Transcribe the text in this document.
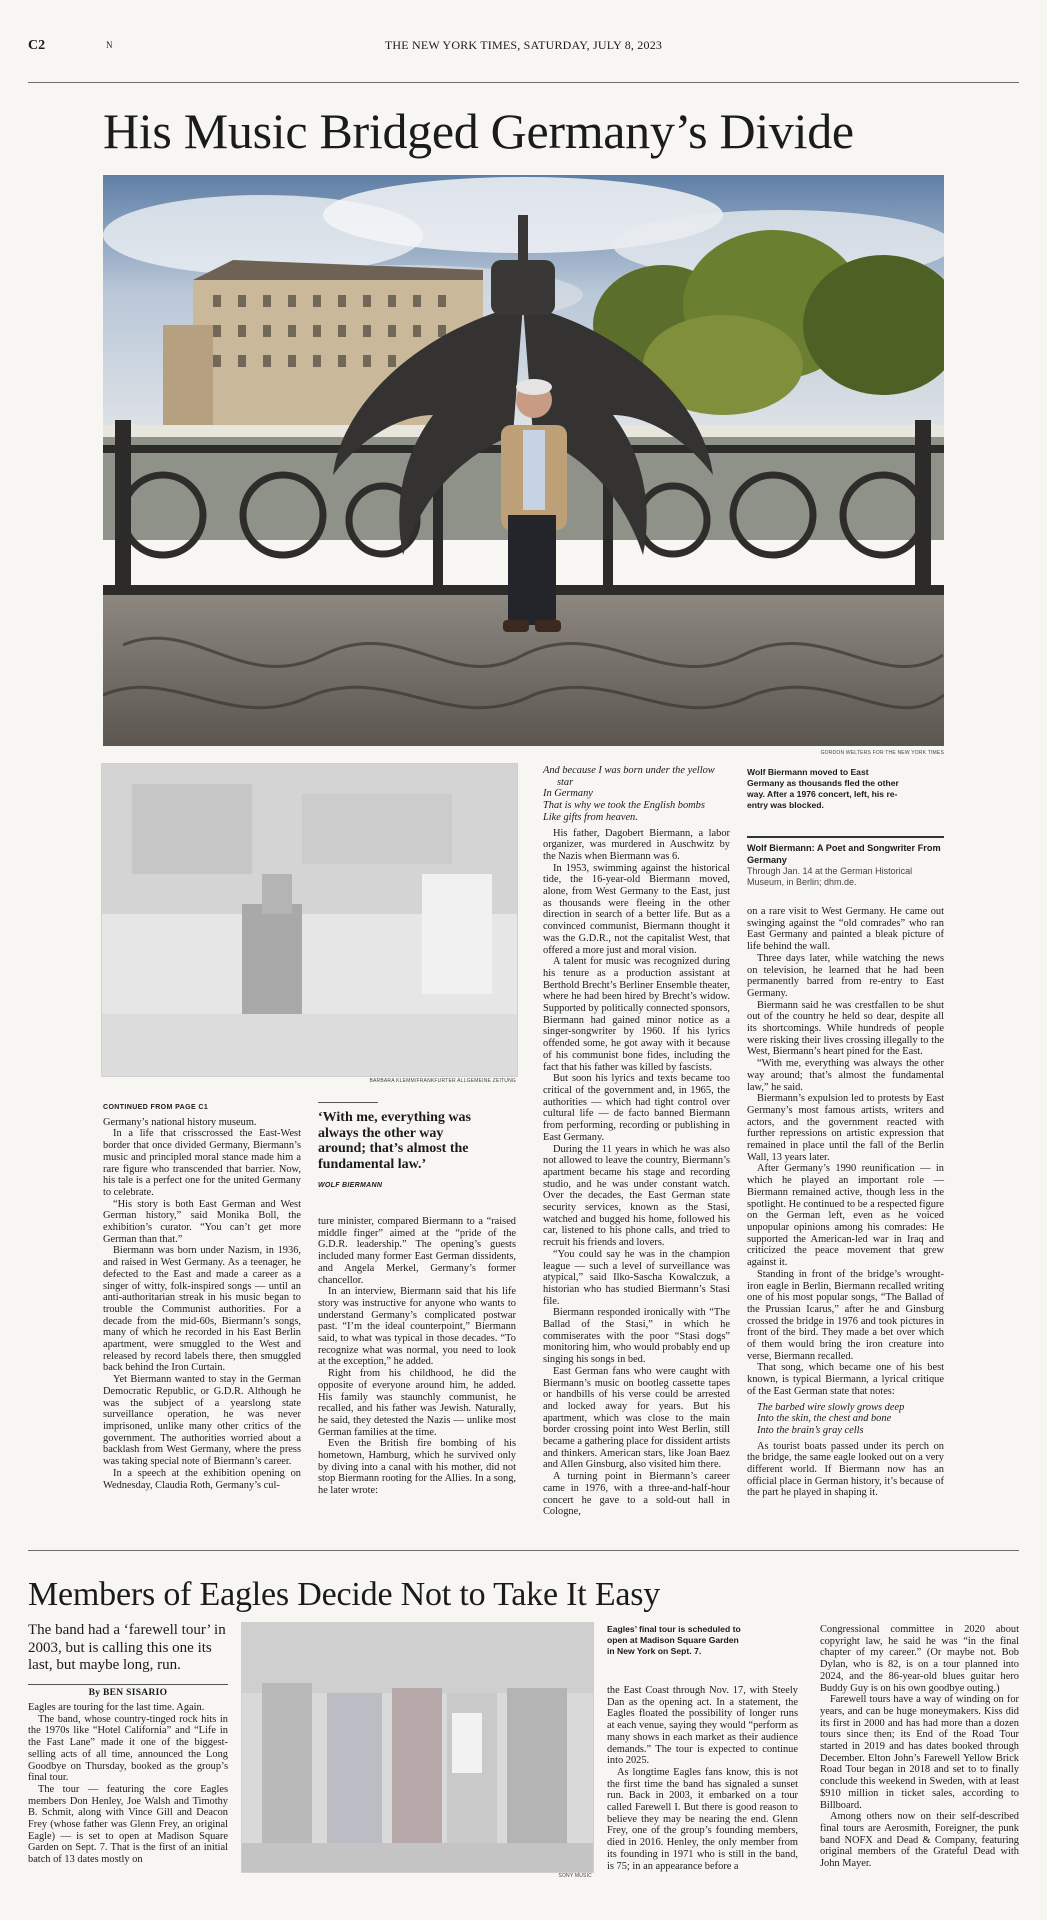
C2	N	THE NEW YORK TIMES, SATURDAY, JULY 8, 2023
His Music Bridged Germany’s Divide
GORDON WELTERS FOR THE NEW YORK TIMES
BARBARA KLEMM/FRANKFURTER ALLGEMEINE ZEITUNG
CONTINUED FROM PAGE C1

Germany’s national history museum.

In a life that crisscrossed the East-West border that once divided Germany, Biermann’s music and principled moral stance made him a rare figure who transcended that barrier. Now, his tale is a perfect one for the united Germany to celebrate.

“His story is both East German and West German history,” said Monika Boll, the exhibition’s curator. “You can’t get more German than that.”

Biermann was born under Nazism, in 1936, and raised in West Germany. As a teenager, he defected to the East and made a career as a singer of witty, folk-inspired songs — until an anti-authoritarian streak in his music began to trouble the Communist authorities. For a decade from the mid-60s, Biermann’s songs, many of which he recorded in his East Berlin apartment, were smuggled to the West and released by record labels there, then smuggled back behind the Iron Curtain.

Yet Biermann wanted to stay in the German Democratic Republic, or G.D.R. Although he was the subject of a yearslong state surveillance operation, he was never imprisoned, unlike many other critics of the government. The authorities worried about a backlash from West Germany, where the press was taking special note of Biermann’s career.

In a speech at the exhibition opening on Wednesday, Claudia Roth, Germany’s cul-

‘With me, everything was always the other way around; that’s almost the fundamental law.’
WOLF BIERMANN

ture minister, compared Biermann to a “raised middle finger” aimed at the “pride of the G.D.R. leadership.” The opening’s guests included many former East German dissidents, and Angela Merkel, Germany’s former chancellor.

In an interview, Biermann said that his life story was instructive for anyone who wants to understand Germany’s complicated postwar past. “I’m the ideal counterpoint,” Biermann said, to what was typical in those decades. “To recognize what was normal, you need to look at the exception,” he added.

Right from his childhood, he did the opposite of everyone around him, he added. His family was staunchly communist, he recalled, and his father was Jewish. Naturally, he said, they detested the Nazis — unlike most German families at the time.

Even the British fire bombing of his hometown, Hamburg, which he survived only by diving into a canal with his mother, did not stop Biermann rooting for the Allies. In a song, he later wrote:

And because I was born under the yellow
star
In Germany
That is why we took the English bombs
Like gifts from heaven.

His father, Dagobert Biermann, a labor organizer, was murdered in Auschwitz by the Nazis when Biermann was 6.

In 1953, swimming against the historical tide, the 16-year-old Biermann moved, alone, from West Germany to the East, just as thousands were fleeing in the other direction in search of a better life. But as a convinced communist, Biermann thought it was the G.D.R., not the capitalist West, that offered a more just and moral vision.

A talent for music was recognized during his tenure as a production assistant at Berthold Brecht’s Berliner Ensemble theater, where he had been hired by Brecht’s widow. Supported by politically connected sponsors, Biermann had gained minor notice as a singer-songwriter by 1960. If his lyrics offended some, he got away with it because of his communist bone fides, including the fact that his father was killed by fascists.

But soon his lyrics and texts became too critical of the government and, in 1965, the authorities — which had tight control over cultural life — de facto banned Biermann from performing, recording or publishing in East Germany.

During the 11 years in which he was also not allowed to leave the country, Biermann’s apartment became his stage and recording studio, and he was under constant watch. Over the decades, the East German state security services, known as the Stasi, watched and bugged his home, followed his car, listened to his phone calls, and tried to recruit his friends and lovers.

“You could say he was in the champion league — such a level of surveillance was atypical,” said Ilko-Sascha Kowalczuk, a historian who has studied Biermann’s Stasi file.

Biermann responded ironically with “The Ballad of the Stasi,” in which he commiserates with the poor “Stasi dogs” monitoring him, who would probably end up singing his songs in bed.

East German fans who were caught with Biermann’s music on bootleg cassette tapes or handbills of his verse could be arrested and locked away for years. But his apartment, which was close to the main border crossing point into West Berlin, still became a gathering place for dissident artists and thinkers. American stars, like Joan Baez and Allen Ginsburg, also visited him there.

A turning point in Biermann’s career came in 1976, with a three-and-half-hour concert he gave to a sold-out hall in Cologne,

Wolf Biermann moved to East Germany as thousands fled the other way. After a 1976 concert, left, his re-entry was blocked.
Wolf Biermann: A Poet and Songwriter From Germany
Through Jan. 14 at the German Historical Museum, in Berlin; dhm.de.

on a rare visit to West Germany. He came out swinging against the “old comrades” who ran East Germany and painted a bleak picture of life behind the wall.

Three days later, while watching the news on television, he learned that he had been permanently barred from re-entry to East Germany.

Biermann said he was crestfallen to be shut out of the country he held so dear, despite all its shortcomings. While hundreds of people were risking their lives crossing illegally to the West, Biermann’s heart pined for the East.

“With me, everything was always the other way around; that’s almost the fundamental law,” he said.

Biermann’s expulsion led to protests by East Germany’s most famous artists, writers and actors, and the government reacted with further repressions on artistic expression that remained in place until the fall of the Berlin Wall, 13 years later.

After Germany’s 1990 reunification — in which he played an important role — Biermann remained active, though less in the spotlight. He continued to be a respected figure on the German left, even as he voiced unpopular opinions among his comrades: He supported the American-led war in Iraq and criticized the peace movement that grew against it.

Standing in front of the bridge’s wrought-iron eagle in Berlin, Biermann recalled writing one of his most popular songs, “The Ballad of the Prussian Icarus,” after he and Ginsburg crossed the bridge in 1976 and took pictures in front of the bird. They made a bet over which of them would bring the iron creature into verse, Biermann recalled.

That song, which became one of his best known, is typical Biermann, a lyrical critique of the East German state that notes:

The barbed wire slowly grows deep
Into the skin, the chest and bone
Into the brain’s gray cells

As tourist boats passed under its perch on the bridge, the same eagle looked out on a very different world. If Biermann now has an official place in German history, it’s because of the part he played in shaping it.

Members of Eagles Decide Not to Take It Easy
The band had a ‘farewell tour’ in 2003, but is calling this one its last, but maybe long, run.
By BEN SISARIO

Eagles are touring for the last time. Again.

The band, whose country-tinged rock hits in the 1970s like “Hotel California” and “Life in the Fast Lane” made it one of the biggest-selling acts of all time, announced the Long Goodbye on Thursday, booked as the group’s final tour.

The tour — featuring the core Eagles members Don Henley, Joe Walsh and Timothy B. Schmit, along with Vince Gill and Deacon Frey (whose father was Glenn Frey, an original Eagle) — is set to open at Madison Square Garden on Sept. 7. That is the first of an initial batch of 13 dates mostly on

SONY MUSIC
Eagles’ final tour is scheduled to open at Madison Square Garden in New York on Sept. 7.

the East Coast through Nov. 17, with Steely Dan as the opening act. In a statement, the Eagles floated the possibility of longer runs at each venue, saying they would “perform as many shows in each market as their audience demands.” The tour is expected to continue into 2025.

As longtime Eagles fans know, this is not the first time the band has signaled a sunset run. Back in 2003, it embarked on a tour called Farewell I. But there is good reason to believe they may be nearing the end. Glenn Frey, one of the group’s founding members, died in 2016. Henley, the only member from its founding in 1971 who is still in the band, is 75; in an appearance before a

Congressional committee in 2020 about copyright law, he said he was “in the final chapter of my career.” (Or maybe not. Bob Dylan, who is 82, is on a tour planned into 2024, and the 86-year-old blues guitar hero Buddy Guy is on his own goodbye outing.)

Farewell tours have a way of winding on for years, and can be huge moneymakers. Kiss did its first in 2000 and has had more than a dozen tours since then; its End of the Road Tour started in 2019 and has dates booked through December. Elton John’s Farewell Yellow Brick Road Tour began in 2018 and set to to finally conclude this weekend in Sweden, with at least $910 million in ticket sales, according to Billboard.

Among others now on their self-described final tours are Aerosmith, Foreigner, the punk band NOFX and Dead & Company, featuring original members of the Grateful Dead with John Mayer.
